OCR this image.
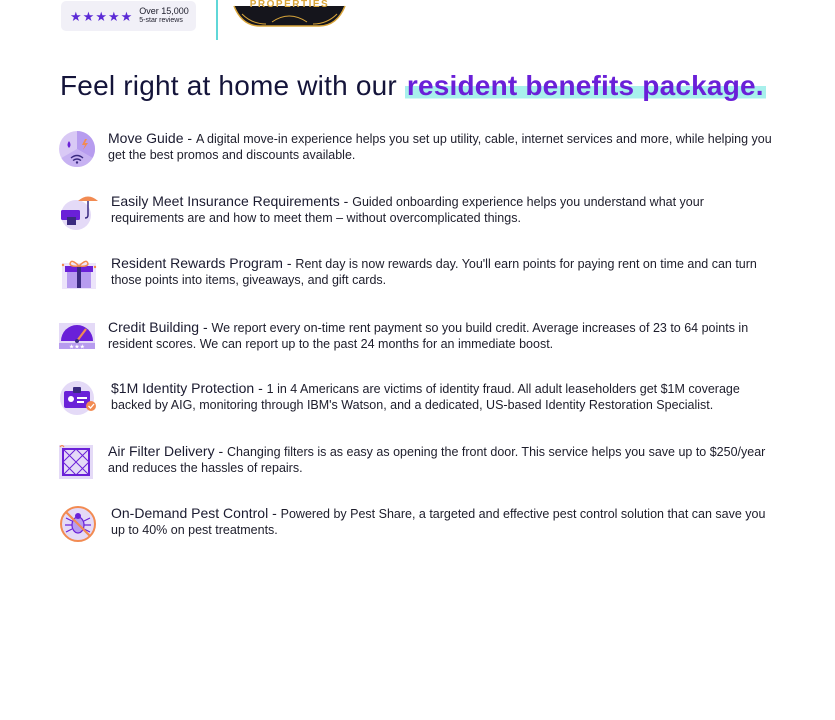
★ ★ ★ ★ ★ Over 15,000
5-star reviews
PROPERTIES
Feel right at home with our resident benefits package.
Move Guide - A digital move-in experience helps you set up utility, cable, internet services and more, while helping you get the best promos and discounts available.
Easily Meet Insurance Requirements - Guided onboarding experience helps you understand what your requirements are and how to meet them – without overcomplicated things.
Resident Rewards Program - Rent day is now rewards day. You'll earn points for paying rent on time and can turn those points into items, giveaways, and gift cards.
★★★
Credit Building - We report every on-time rent payment so you build credit. Average increases of 23 to 64 points in resident scores. We can report up to the past 24 months for an immediate boost.
$1M Identity Protection - 1 in 4 Americans are victims of identity fraud. All adult leaseholders get $1M coverage backed by AIG, monitoring through IBM's Watson, and a dedicated, US-based Identity Restoration Specialist.
Air Filter Delivery - Changing filters is as easy as opening the front door. This service helps you save up to $250/year and reduces the hassles of repairs.
On-Demand Pest Control - Powered by Pest Share, a targeted and effective pest control solution that can save you up to 40% on pest treatments.
